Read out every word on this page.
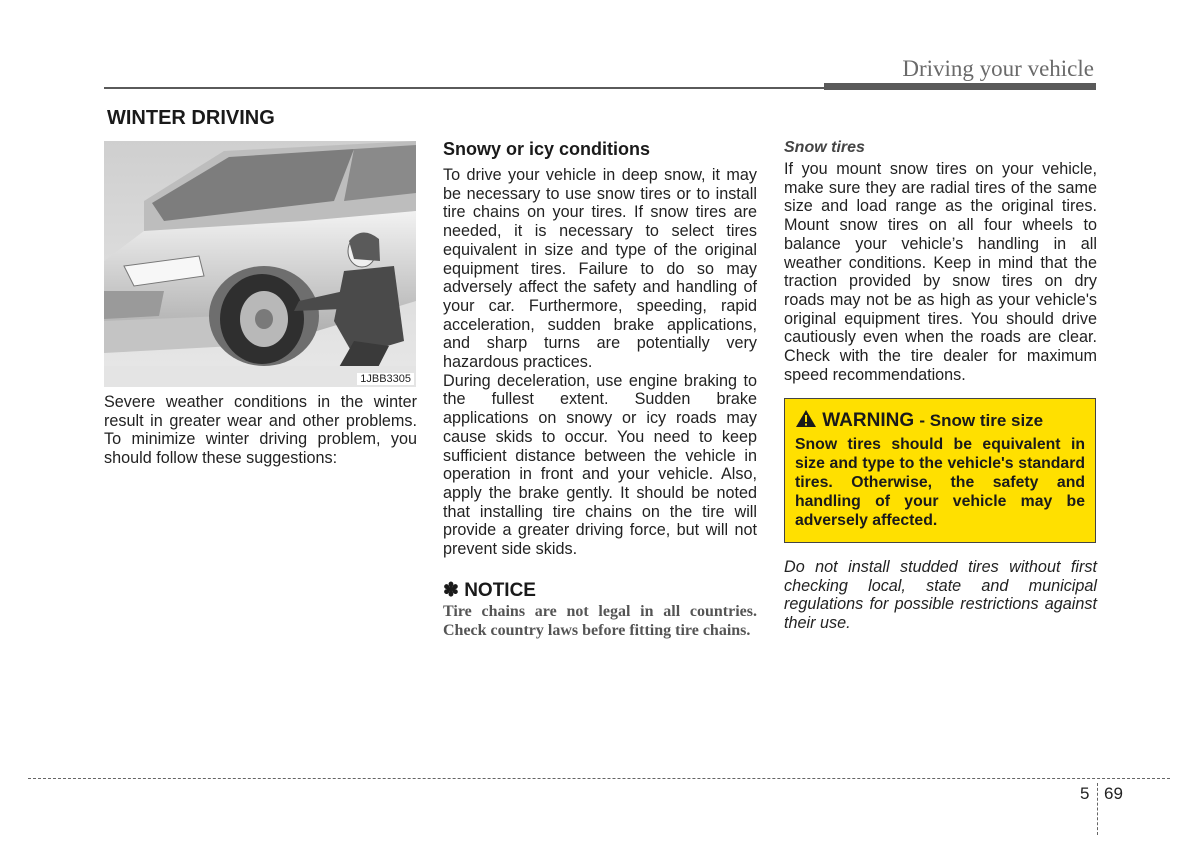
Driving your vehicle
WINTER DRIVING
1JBB3305
Severe weather conditions in the winter result in greater wear and other problems. To minimize winter driving problem, you should follow these suggestions:
Snowy or icy conditions
To drive your vehicle in deep snow, it may be necessary to use snow tires or to install tire chains on your tires. If snow tires are needed, it is necessary to select tires equivalent in size and type of the original equipment tires. Failure to do so may adversely affect the safety and handling of your car. Furthermore, speeding, rapid acceleration, sudden brake applications, and sharp turns are potentially very hazardous practices.
During deceleration, use engine braking to the fullest extent. Sudden brake applications on snowy or icy roads may cause skids to occur. You need to keep sufficient distance between the vehicle in operation in front and your vehicle. Also, apply the brake gently. It should be noted that installing tire chains on the tire will provide a greater driving force, but will not prevent side skids.
✽ NOTICE
Tire chains are not legal in all countries. Check country laws before fitting tire chains.
Snow tires
If you mount snow tires on your vehicle, make sure they are radial tires of the same size and load range as the original tires. Mount snow tires on all four wheels to balance your vehicle’s handling in all weather conditions. Keep in mind that the traction provided by snow tires on dry roads may not be as high as your vehicle's original equipment tires. You should drive cautiously even when the roads are clear. Check with the tire dealer for maximum speed recommendations.
WARNING - Snow tire size
Snow tires should be equivalent in size and type to the vehicle's standard tires. Otherwise, the safety and handling of your vehicle may be adversely affected.
Do not install studded tires without first checking local, state and municipal regulations for possible restrictions against their use.
5 69
